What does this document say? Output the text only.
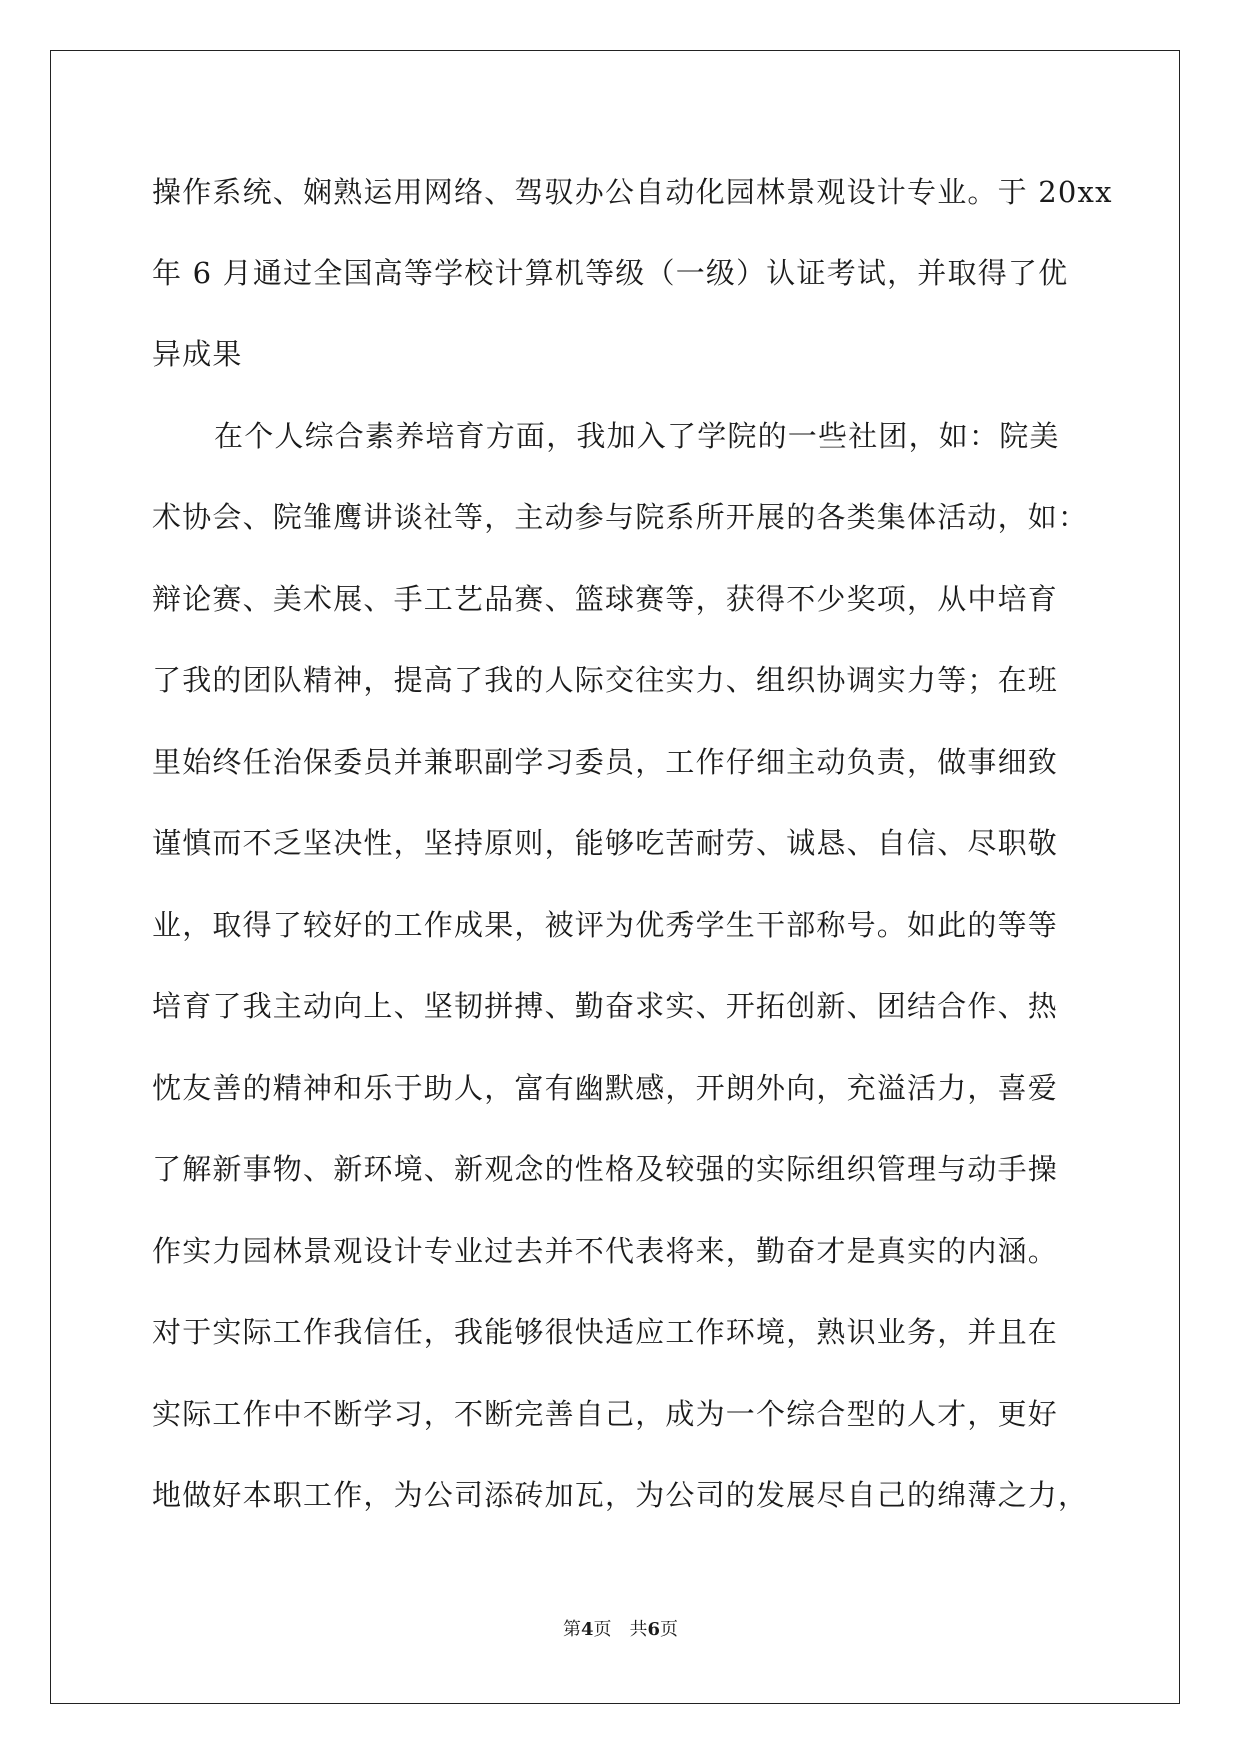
操作系统、娴熟运用网络、驾驭办公自动化园林景观设计专业。于 20xx
年 6 月通过全国高等学校计算机等级（一级）认证考试，并取得了优
异成果
在个人综合素养培育方面，我加入了学院的一些社团，如：院美
术协会、院雏鹰讲谈社等，主动参与院系所开展的各类集体活动，如：
辩论赛、美术展、手工艺品赛、篮球赛等，获得不少奖项，从中培育
了我的团队精神，提高了我的人际交往实力、组织协调实力等；在班
里始终任治保委员并兼职副学习委员，工作仔细主动负责，做事细致
谨慎而不乏坚决性，坚持原则，能够吃苦耐劳、诚恳、自信、尽职敬
业，取得了较好的工作成果，被评为优秀学生干部称号。如此的等等
培育了我主动向上、坚韧拼搏、勤奋求实、开拓创新、团结合作、热
忱友善的精神和乐于助人，富有幽默感，开朗外向，充溢活力，喜爱
了解新事物、新环境、新观念的性格及较强的实际组织管理与动手操
作实力园林景观设计专业过去并不代表将来，勤奋才是真实的内涵。
对于实际工作我信任，我能够很快适应工作环境，熟识业务，并且在
实际工作中不断学习，不断完善自己，成为一个综合型的人才，更好
地做好本职工作，为公司添砖加瓦，为公司的发展尽自己的绵薄之力，
第4页 共6页
